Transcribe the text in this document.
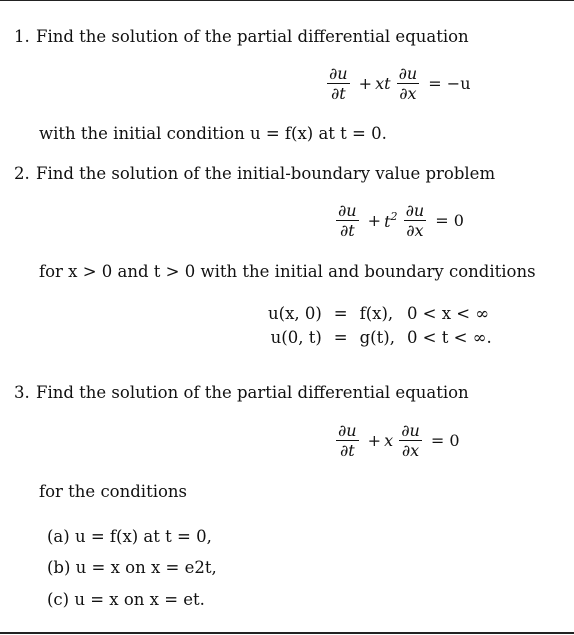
1. Find the solution of the partial differential equation
$\frac{\partial u}{\partial t}$ + xt $\frac{\partial u}{\partial x} = -u$
with the initial condition u = f(x) at t = 0.
2. Find the solution of the initial-boundary value problem
$\frac{\partial u}{\partial t} + t^2 \frac{\partial u}{\partial x} = 0$
for x > 0 and t > 0 with the initial and boundary conditions
u(x, 0)	=	f(x),	0 < x < ∞
u(0, t)	=	g(t),	0 < t < ∞.
3. Find the solution of the partial differential equation
$\frac{\partial u}{\partial t} + x \frac{\partial u}{\partial x} = 0$
for the conditions
(a) u = f(x) at t = 0,
(b) u = x on x = e2t,
(c) u = x on x = et.
